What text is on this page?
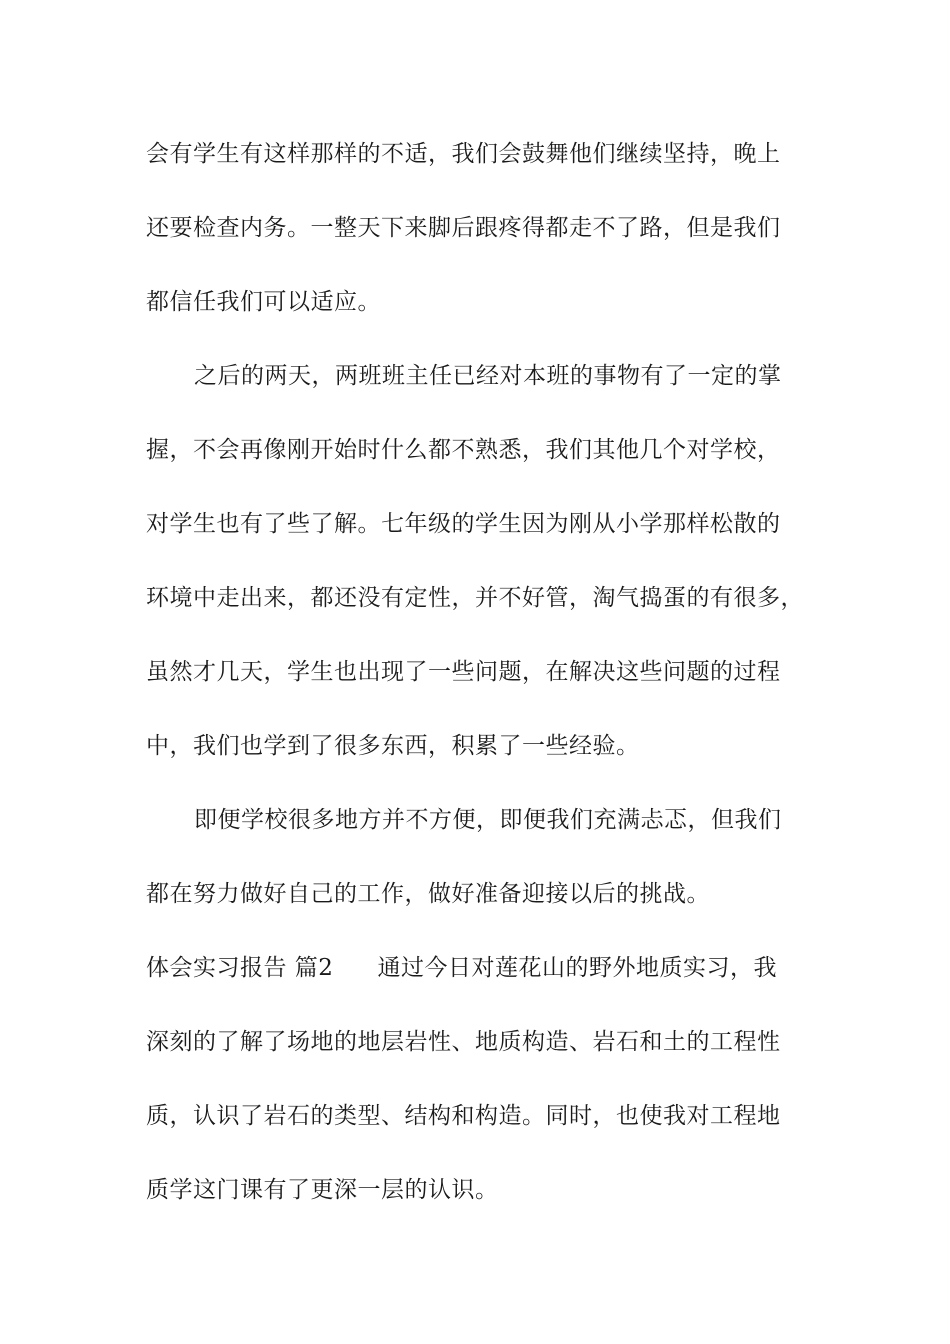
会有学生有这样那样的不适，我们会鼓舞他们继续坚持，晚上
还要检查内务。一整天下来脚后跟疼得都走不了路，但是我们
都信任我们可以适应。
之后的两天，两班班主任已经对本班的事物有了一定的掌
握，不会再像刚开始时什么都不熟悉，我们其他几个对学校，
对学生也有了些了解。七年级的学生因为刚从小学那样松散的
环境中走出来，都还没有定性，并不好管，淘气捣蛋的有很多，
虽然才几天，学生也出现了一些问题，在解决这些问题的过程
中，我们也学到了很多东西，积累了一些经验。
即便学校很多地方并不方便，即便我们充满忐忑，但我们
都在努力做好自己的工作，做好准备迎接以后的挑战。
体会实习报告 篇2 通过今日对莲花山的野外地质实习，我
深刻的了解了场地的地层岩性、地质构造、岩石和土的工程性
质，认识了岩石的类型、结构和构造。同时，也使我对工程地
质学这门课有了更深一层的认识。
